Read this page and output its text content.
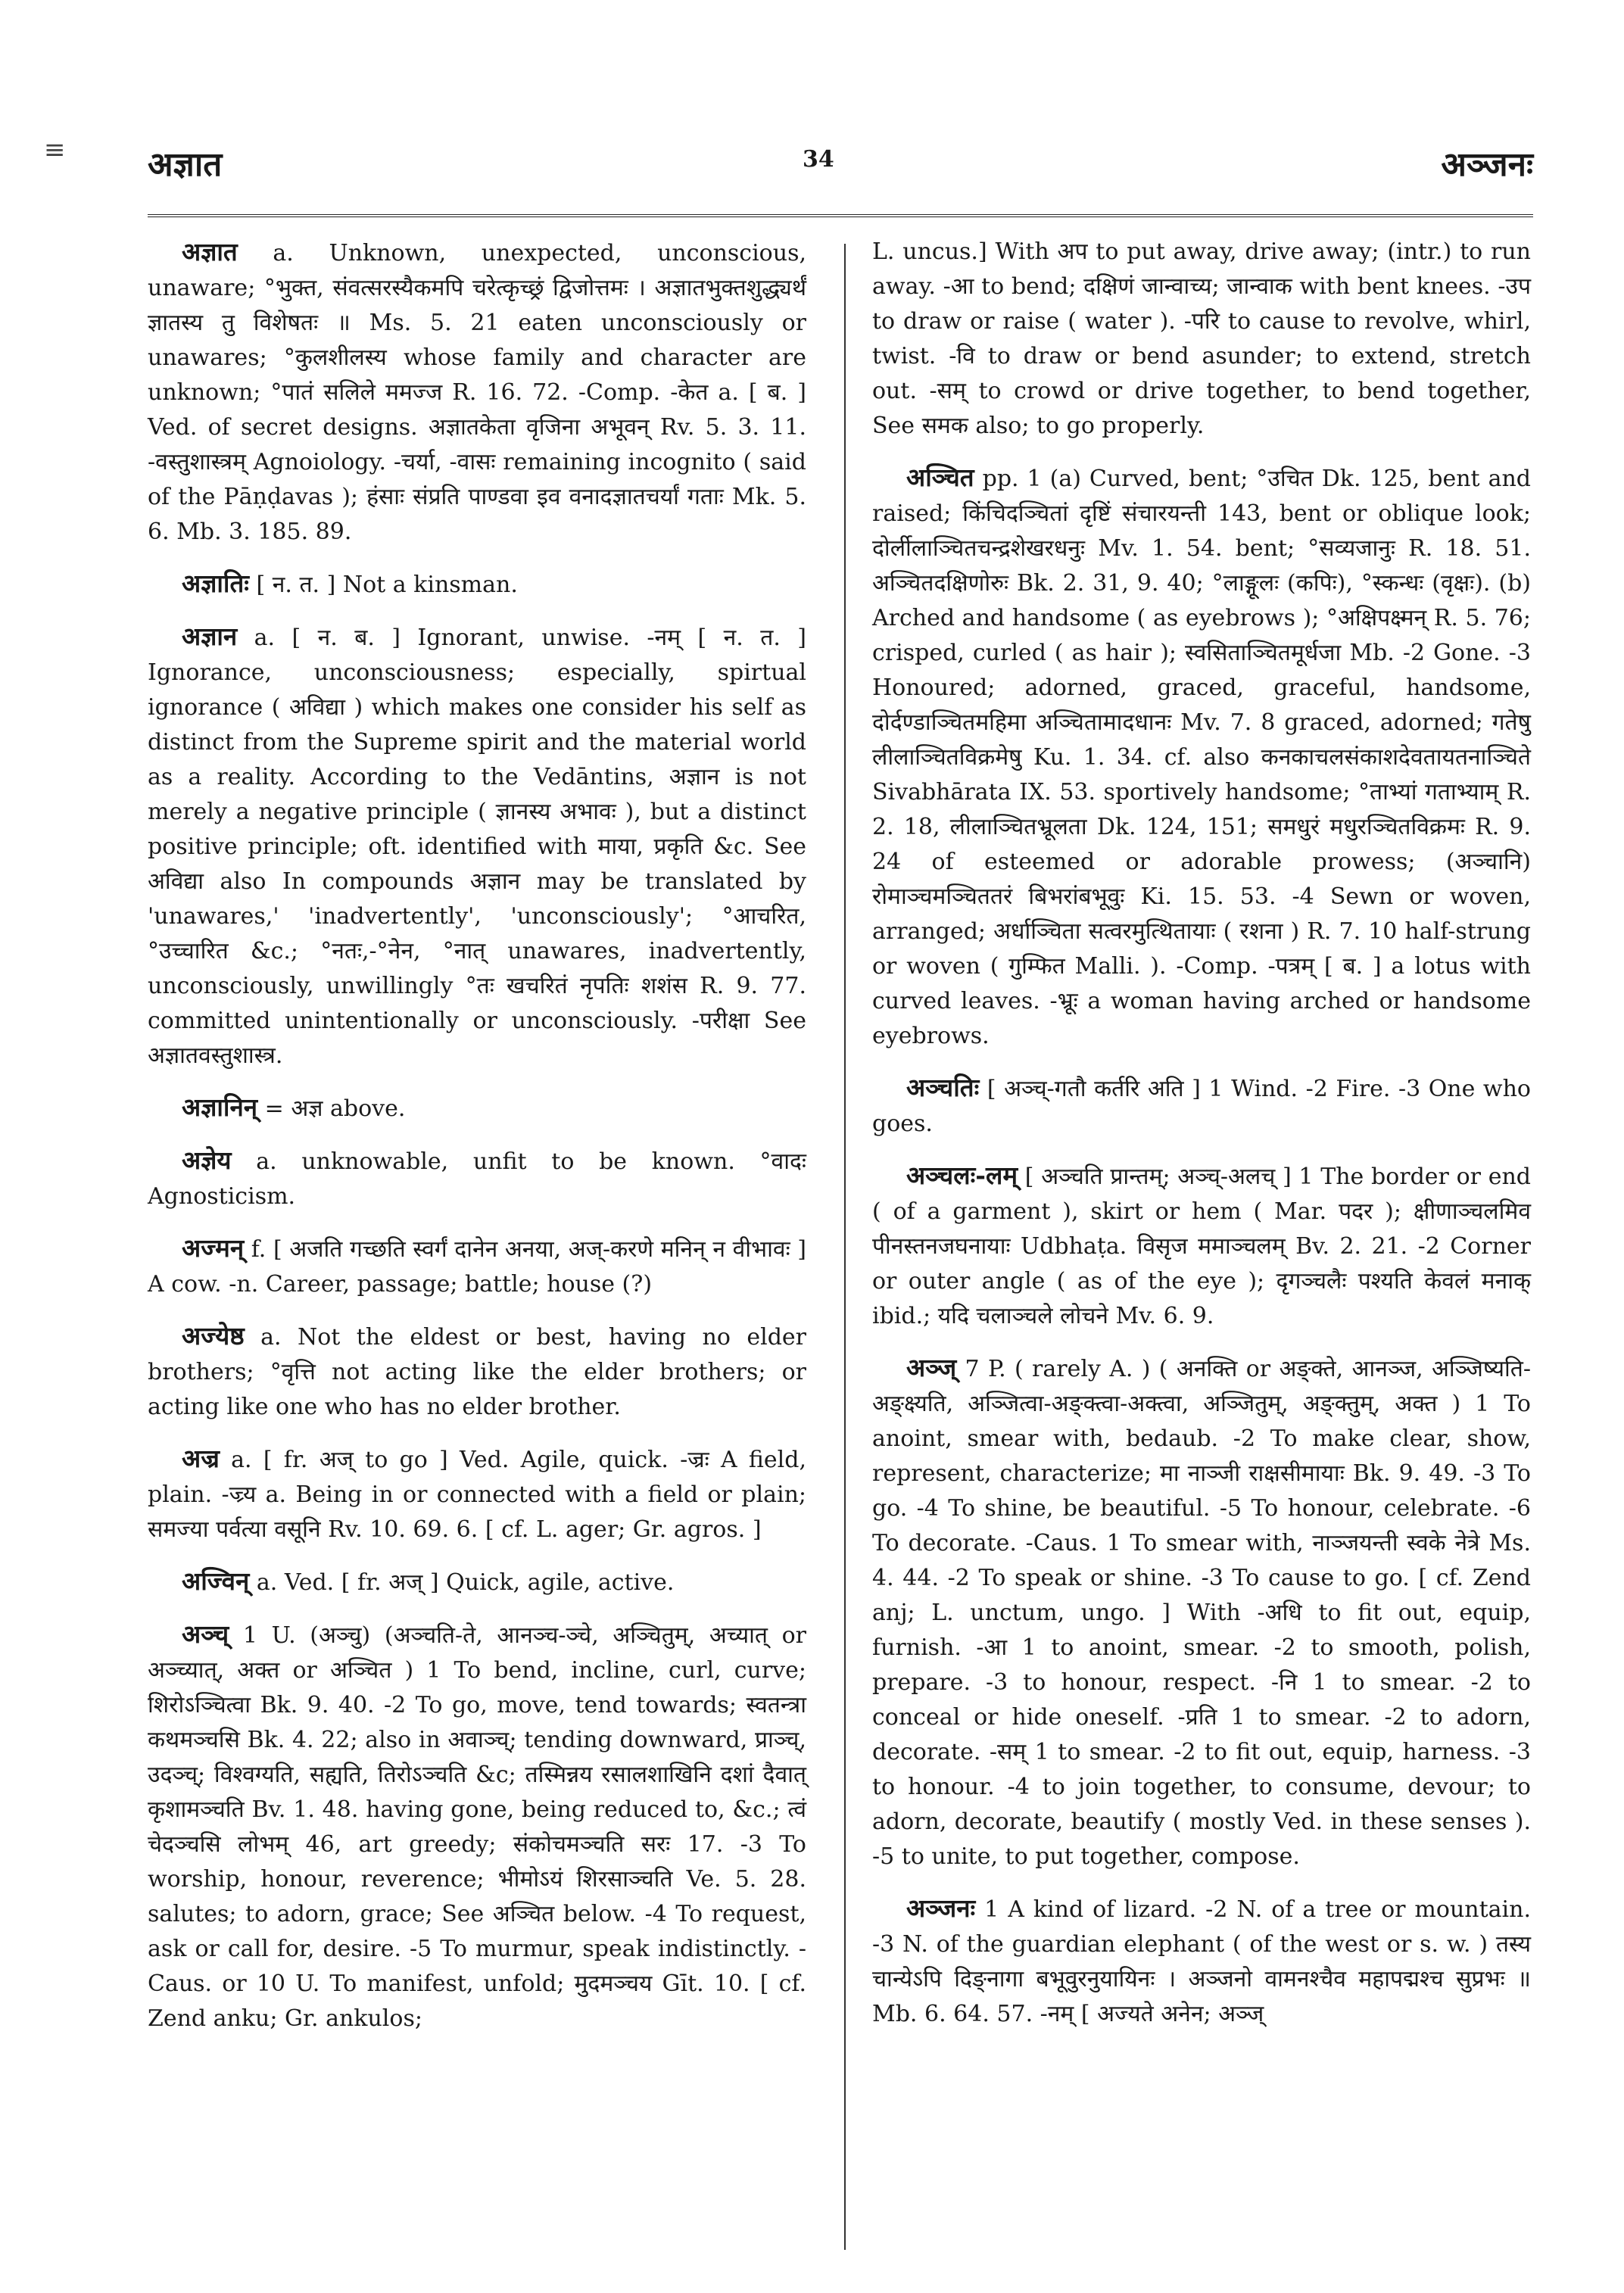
≡ अज्ञात	34	अञ्जनः

अज्ञात a. Unknown, unexpected, unconscious, unaware; °भुक्त, संवत्सरस्यैकमपि चरेत्कृच्छ्रं द्विजोत्तमः । अज्ञातभुक्तशुद्ध्यर्थं ज्ञातस्य तु विशेषतः ॥ Ms. 5. 21 eaten unconsciously or unawares; °कुलशीलस्य whose family and character are unknown; °पातं सलिले ममज्ज R. 16. 72. -Comp. -केत a. [ ब. ] Ved. of secret designs. अज्ञातकेता वृजिना अभूवन् Rv. 5. 3. 11. -वस्तुशास्त्रम् Agnoiology. -चर्या, -वासः remaining incognito ( said of the Pāṇḍavas ); हंसाः संप्रति पाण्डवा इव वनादज्ञातचर्यां गताः Mk. 5. 6. Mb. 3. 185. 89.

अज्ञातिः [ न. त. ] Not a kinsman.

अज्ञान a. [ न. ब. ] Ignorant, unwise. -नम् [ न. त. ] Ignorance, unconsciousness; especially, spirtual ignorance ( अविद्या ) which makes one consider his self as distinct from the Supreme spirit and the material world as a reality. According to the Vedāntins, अज्ञान is not merely a negative principle ( ज्ञानस्य अभावः ), but a distinct positive principle; oft. identified with माया, प्रकृति &c. See अविद्या also In compounds अज्ञान may be translated by 'unawares,' 'inadvertently', 'unconsciously'; °आचरित, °उच्चारित &c.; °नतः,-°नेन, °नात् unawares, inadvertently, unconsciously, unwillingly °तः खचरितं नृपतिः शशंस R. 9. 77. committed unintentionally or unconsciously. -परीक्षा See अज्ञातवस्तुशास्त्र.

अज्ञानिन् = अज्ञ above.

अज्ञेय a. unknowable, unfit to be known. °वादः Agnosticism.

अज्मन् f. [ अजति गच्छति स्वर्गं दानेन अनया, अज्-करणे मनिन् न वीभावः ] A cow. -n. Career, passage; battle; house (?)

अज्येष्ठ a. Not the eldest or best, having no elder brothers; °वृत्ति not acting like the elder brothers; or acting like one who has no elder brother.

अज्र a. [ fr. अज् to go ] Ved. Agile, quick. -ज्रः A field, plain. -ज्र्य a. Being in or connected with a field or plain; समज्या पर्वत्या वसूनि Rv. 10. 69. 6. [ cf. L. ager; Gr. agros. ]

अज्विन् a. Ved. [ fr. अज् ] Quick, agile, active.

अञ्च् 1 U. (अञ्चु) (अञ्चति-ते, आनञ्च-ञ्चे, अञ्चितुम्, अच्यात् or अञ्च्यात्, अक्त or अञ्चित ) 1 To bend, incline, curl, curve; शिरोऽञ्चित्वा Bk. 9. 40. -2 To go, move, tend towards; स्वतन्त्रा कथमञ्चसि Bk. 4. 22; also in अवाञ्च्; tending downward, प्राञ्च्, उदञ्च्; विश्वग्यति, सह्यति, तिरोऽञ्चति &c; तस्मिन्नय रसालशाखिनि दशां दैवात् कृशामञ्चति Bv. 1. 48. having gone, being reduced to, &c.; त्वं चेदञ्चसि लोभम् 46, art greedy; संकोचमञ्चति सरः 17. -3 To worship, honour, reverence; भीमोऽयं शिरसाञ्चति Ve. 5. 28. salutes; to adorn, grace; See अञ्चित below. -4 To request, ask or call for, desire. -5 To murmur, speak indistinctly. -Caus. or 10 U. To manifest, unfold; मुदमञ्चय Gīt. 10. [ cf. Zend anku; Gr. ankulos;

L. uncus.] With अप to put away, drive away; (intr.) to run away. -आ to bend; दक्षिणं जान्वाच्य; जान्वाक with bent knees. -उप to draw or raise ( water ). -परि to cause to revolve, whirl, twist. -वि to draw or bend asunder; to extend, stretch out. -सम् to crowd or drive together, to bend together, See समक also; to go properly.

अञ्चित pp. 1 (a) Curved, bent; °उचित Dk. 125, bent and raised; किंचिदञ्चितां दृष्टिं संचारयन्ती 143, bent or oblique look; दोर्लीलाञ्चितचन्द्रशेखरधनुः Mv. 1. 54. bent; °सव्यजानुः R. 18. 51. अञ्चितदक्षिणोरुः Bk. 2. 31, 9. 40; °लाङ्गूलः (कपिः), °स्कन्धः (वृक्षः). (b) Arched and handsome ( as eyebrows ); °अक्षिपक्ष्मन् R. 5. 76; crisped, curled ( as hair ); स्वसिताञ्चितमूर्धजा Mb. -2 Gone. -3 Honoured; adorned, graced, graceful, handsome, दोर्दण्डाञ्चितमहिमा अञ्चितामादधानः Mv. 7. 8 graced, adorned; गतेषु लीलाञ्चितविक्रमेषु Ku. 1. 34. cf. also कनकाचलसंकाशदेवतायतनाञ्चिते Sivabhārata IX. 53. sportively handsome; °ताभ्यां गताभ्याम् R. 2. 18, लीलाञ्चितभ्रूलता Dk. 124, 151; समधुरं मधुरञ्चितविक्रमः R. 9. 24 of esteemed or adorable prowess; (अञ्चानि) रोमाञ्चमञ्चिततरं बिभरांबभूवुः Ki. 15. 53. -4 Sewn or woven, arranged; अर्धाञ्चिता सत्वरमुत्थितायाः ( रशना ) R. 7. 10 half-strung or woven ( गुम्फित Malli. ). -Comp. -पत्रम् [ ब. ] a lotus with curved leaves. -भ्रूः a woman having arched or handsome eyebrows.

अञ्चतिः [ अञ्च्-गतौ कर्तरि अति ] 1 Wind. -2 Fire. -3 One who goes.

अञ्चलः-लम् [ अञ्चति प्रान्तम्; अञ्च्-अलच् ] 1 The border or end ( of a garment ), skirt or hem ( Mar. पदर ); क्षीणाञ्चलमिव पीनस्तनजघनायाः Udbhaṭa. विसृज ममाञ्चलम् Bv. 2. 21. -2 Corner or outer angle ( as of the eye ); दृगञ्चलैः पश्यति केवलं मनाक् ibid.; यदि चलाञ्चले लोचने Mv. 6. 9.

अञ्ज् 7 P. ( rarely A. ) ( अनक्ति or अङ्क्ते, आनञ्ज, अञ्जिष्यति-अङ्क्ष्यति, अञ्जित्वा-अङ्क्त्वा-अक्त्वा, अञ्जितुम्, अङ्क्तुम्, अक्त ) 1 To anoint, smear with, bedaub. -2 To make clear, show, represent, characterize; मा नाञ्जी राक्षसीमायाः Bk. 9. 49. -3 To go. -4 To shine, be beautiful. -5 To honour, celebrate. -6 To decorate. -Caus. 1 To smear with, नाञ्जयन्ती स्वके नेत्रे Ms. 4. 44. -2 To speak or shine. -3 To cause to go. [ cf. Zend anj; L. unctum, ungo. ] With -अधि to fit out, equip, furnish. -आ 1 to anoint, smear. -2 to smooth, polish, prepare. -3 to honour, respect. -नि 1 to smear. -2 to conceal or hide oneself. -प्रति 1 to smear. -2 to adorn, decorate. -सम् 1 to smear. -2 to fit out, equip, harness. -3 to honour. -4 to join together, to consume, devour; to adorn, decorate, beautify ( mostly Ved. in these senses ). -5 to unite, to put together, compose.

अञ्जनः 1 A kind of lizard. -2 N. of a tree or mountain. -3 N. of the guardian elephant ( of the west or s. w. ) तस्य चान्येऽपि दिङ्नागा बभूवुरनुयायिनः । अञ्जनो वामनश्चैव महापद्मश्च सुप्रभः ॥ Mb. 6. 64. 57. -नम् [ अज्यते अनेन; अञ्ज्
